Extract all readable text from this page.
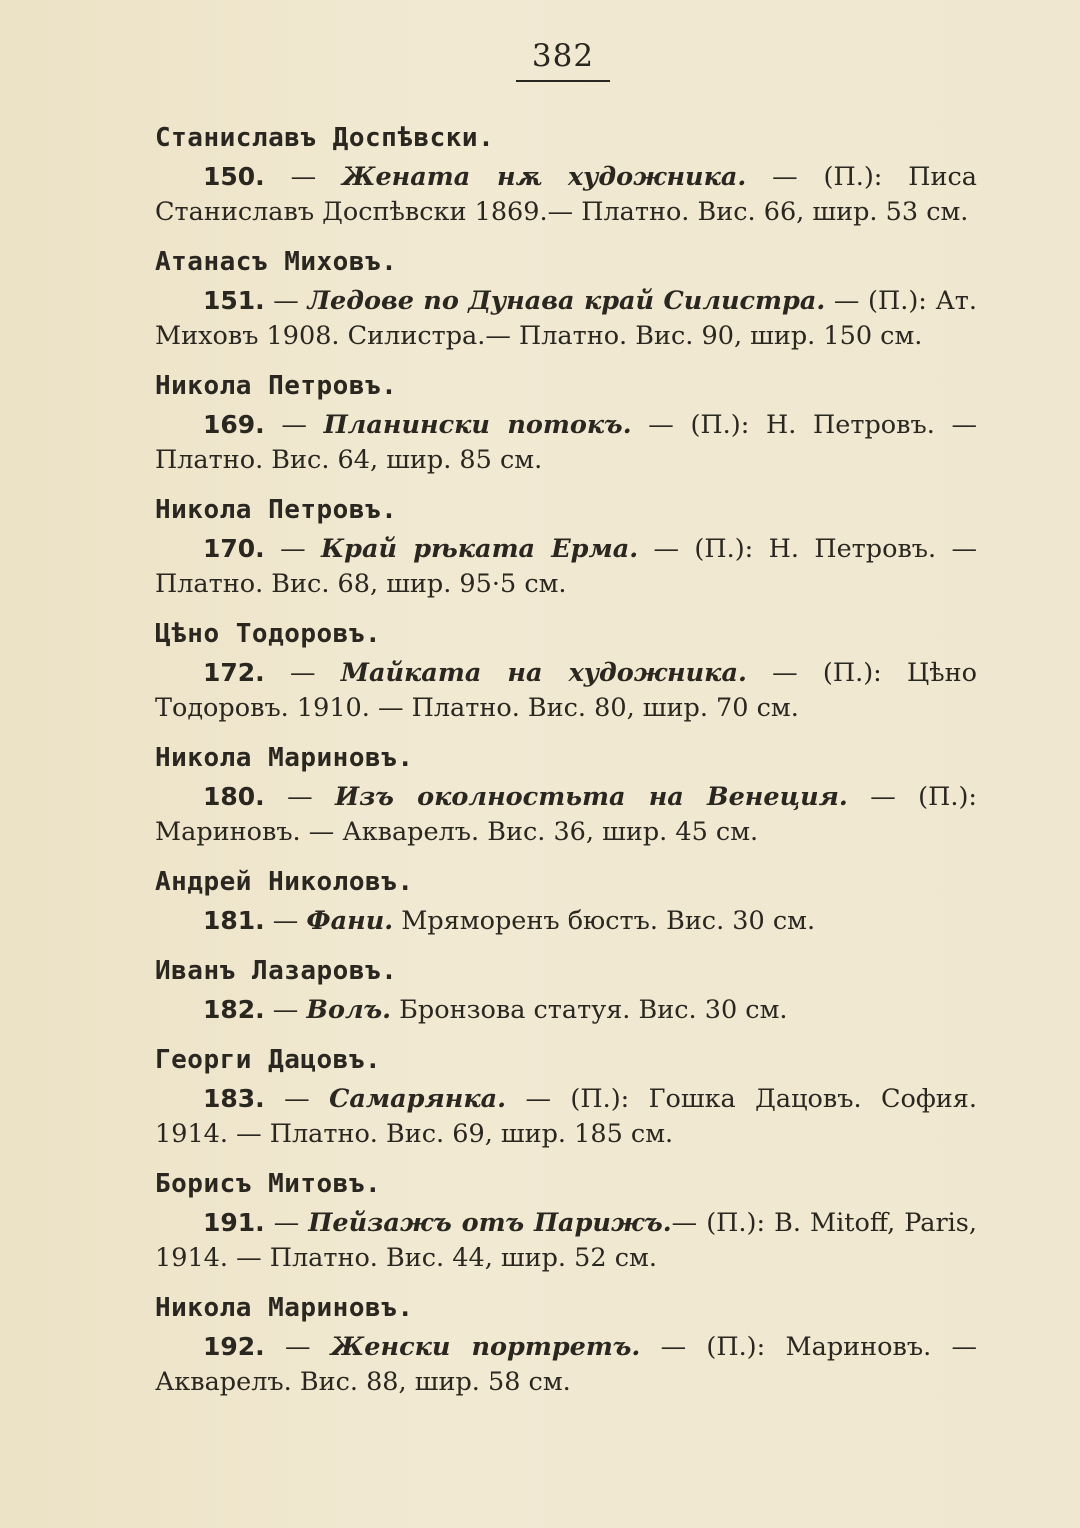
382
Станиславъ Доспѣвски.

150. — Жената нѫ художника. — (П.): Писа Станиславъ Доспѣвски 1869.— Платно. Вис. 66, шир. 53 см.

Атанасъ Миховъ.

151. — Ледове по Дунава край Силистра. — (П.): Ат. Миховъ 1908. Силистра.— Платно. Вис. 90, шир. 150 см.

Никола Петровъ.

169. — Планински потокъ. — (П.): Н. Петровъ. — Платно. Вис. 64, шир. 85 см.

Никола Петровъ.

170. — Край рѣката Ерма. — (П.): Н. Петровъ. — Платно. Вис. 68, шир. 95·5 см.

Цѣно Тодоровъ.

172. — Майката на художника. — (П.): Цѣно Тодоровъ. 1910. — Платно. Вис. 80, шир. 70 см.

Никола Мариновъ.

180. — Изъ околностьта на Венеция. — (П.): Мариновъ. — Акварелъ. Вис. 36, шир. 45 см.

Андрей Николовъ.

181. — Фани. Мряморенъ бюстъ. Вис. 30 см.

Иванъ Лазаровъ.

182. — Волъ. Бронзова статуя. Вис. 30 см.

Георги Дацовъ.

183. — Самарянка. — (П.): Гошка Дацовъ. София. 1914. — Платно. Вис. 69, шир. 185 см.

Борисъ Митовъ.

191. — Пейзажъ отъ Парижъ.— (П.): B. Mitoff, Paris, 1914. — Платно. Вис. 44, шир. 52 см.

Никола Мариновъ.

192. — Женски портретъ. — (П.): Мариновъ. — Акварелъ. Вис. 88, шир. 58 см.
